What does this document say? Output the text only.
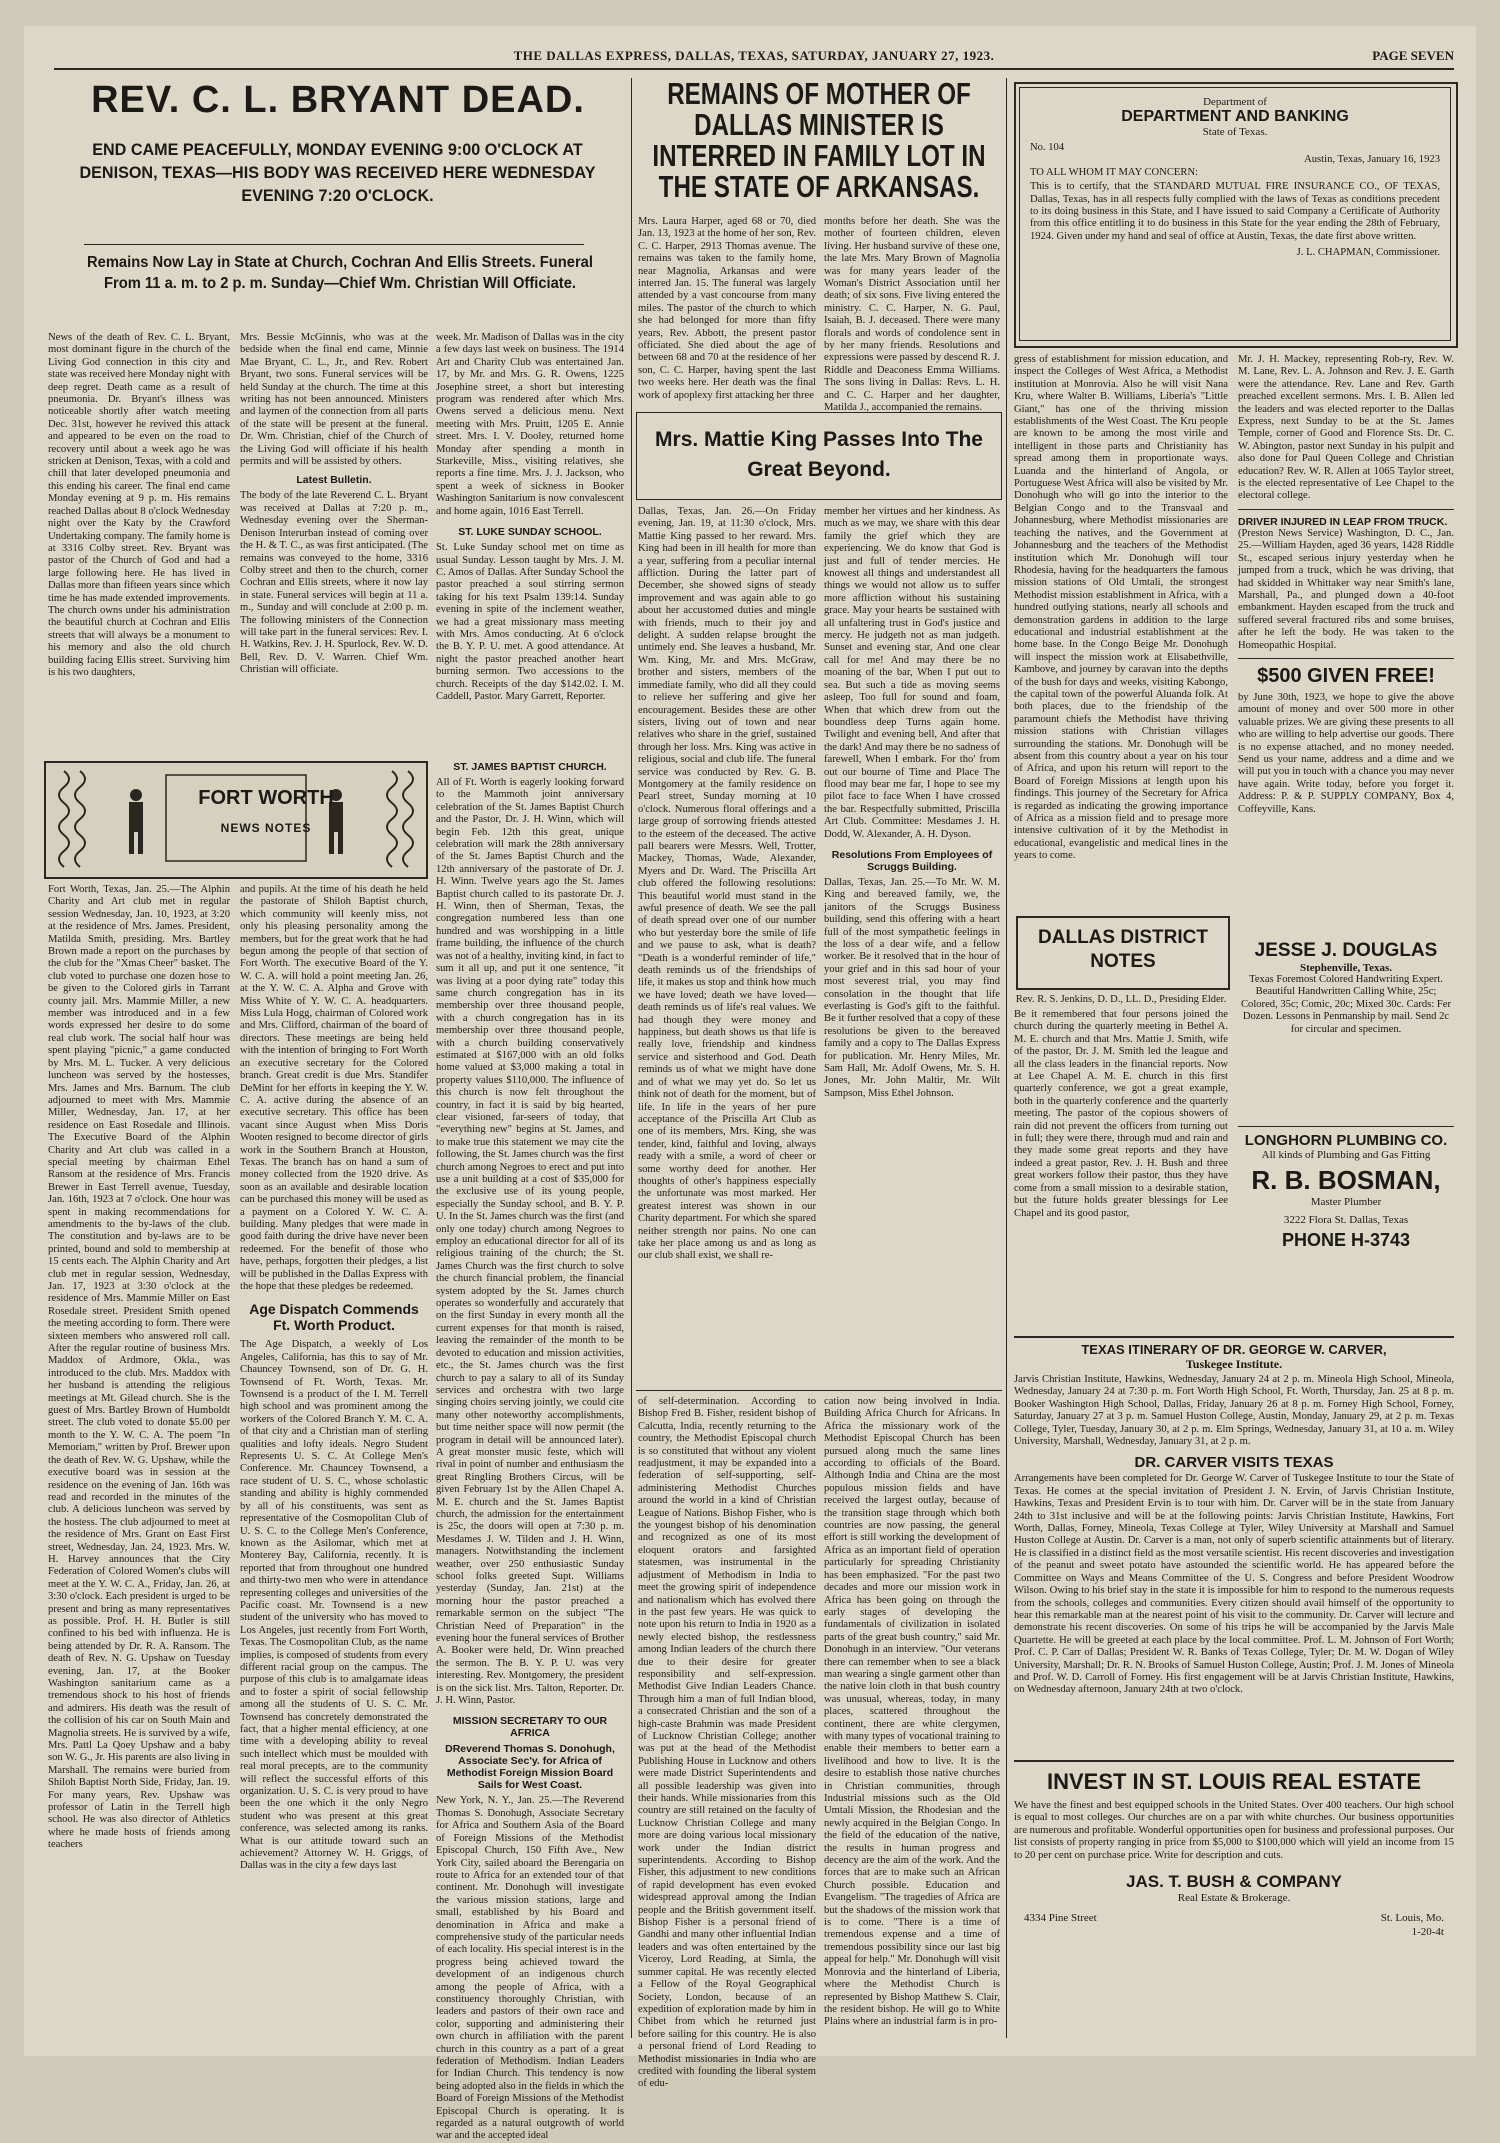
THE DALLAS EXPRESS, DALLAS, TEXAS, SATURDAY, JANUARY 27, 1923.	PAGE SEVEN
REV. C. L. BRYANT DEAD.
END CAME PEACEFULLY, MONDAY EVENING 9:00 O'CLOCK AT DENISON, TEXAS—HIS BODY WAS RECEIVED HERE WEDNESDAY EVENING 7:20 O'CLOCK.
Remains Now Lay in State at Church, Cochran And Ellis Streets. Funeral From 11 a. m. to 2 p. m. Sunday—Chief Wm. Christian Will Officiate.
News of the death of Rev. C. L. Bryant, most dominant figure in the church of the Living God connection in this city and state was received here Monday night with deep regret. Death came as a result of pneumonia. Dr. Bryant's illness was noticeable shortly after watch meeting Dec. 31st, however he revived this attack and appeared to be even on the road to recovery until about a week ago he was stricken at Denison, Texas, with a cold and chill that later developed pneumonia and this ending his career. The final end came Monday evening at 9 p. m. His remains reached Dallas about 8 o'clock Wednesday night over the Katy by the Crawford Undertaking company. The family home is at 3316 Colby street. Rev. Bryant was pastor of the Church of God and had a large following here. He has lived in Dallas more than fifteen years since which time he has made extended improvements. The church owns under his administration the beautiful church at Cochran and Ellis streets that will always be a monument to his memory and also the old church building facing Ellis street. Surviving him is his two daughters,
Mrs. Bessie McGinnis, who was at the bedside when the final end came, Minnie Mae Bryant, C. L., Jr., and Rev. Robert Bryant, two sons. Funeral services will be held Sunday at the church. The time at this writing has not been announced. Ministers and laymen of the connection from all parts of the state will be present at the funeral. Dr. Wm. Christian, chief of the Church of the Living God will officiate if his health permits and will be assisted by others.
Latest Bulletin.
The body of the late Reverend C. L. Bryant was received at Dallas at 7:20 p. m., Wednesday evening over the Sherman-Denison Interurban instead of coming over the H. & T. C., as was first anticipated. (The remains was conveyed to the home, 3316 Colby street and then to the church, corner Cochran and Ellis streets, where it now lay in state. Funeral services will begin at 11 a. m., Sunday and will conclude at 2:00 p. m. The following ministers of the Connection will take part in the funeral services: Rev. I. H. Watkins, Rev. J. H. Spurlock, Rev. W. D. Bell, Rev. D. V. Warren. Chief Wm. Christian will officiate.
week. Mr. Madison of Dallas was in the city a few days last week on business. The 1914 Art and Charity Club was entertained Jan. 17, by Mr. and Mrs. G. R. Owens, 1225 Josephine street, a short but interesting program was rendered after which Mrs. Owens served a delicious menu. Next meeting with Mrs. Pruitt, 1205 E. Annie street. Mrs. I. V. Dooley, returned home Monday after spending a month in Starkeville, Miss., visiting relatives, she reports a fine time. Mrs. J. J. Jackson, who spent a week of sickness in Booker Washington Sanitarium is now convalescent and home again, 1016 East Terrell.
ST. LUKE SUNDAY SCHOOL.
St. Luke Sunday school met on time as usual Sunday. Lesson taught by Mrs. J. M. C. Amos of Dallas. After Sunday School the pastor preached a soul stirring sermon taking for his text Psalm 139:14. Sunday evening in spite of the inclement weather, we had a great missionary mass meeting with Mrs. Amos conducting. At 6 o'clock the B. Y. P. U. met. A good attendance. At night the pastor preached another heart burning sermon. Two accessions to the church. Receipts of the day $142.02. I. M. Caddell, Pastor. Mary Garrett, Reporter.
FORT WORTH
NEWS NOTES
Fort Worth, Texas, Jan. 25.—The Alphin Charity and Art club met in regular session Wednesday, Jan. 10, 1923, at 3:20 at the residence of Mrs. James. President, Matilda Smith, presiding. Mrs. Bartley Brown made a report on the purchases by the club for the "Xmas Cheer" basket. The club voted to purchase one dozen hose to be given to the Colored girls in Tarrant county jail. Mrs. Mammie Miller, a new member was introduced and in a few words expressed her desire to do some real club work. The social half hour was spent playing "picnic," a game conducted by Mrs. M. L. Tucker. A very delicious luncheon was served by the hostesses, Mrs. James and Mrs. Barnum. The club adjourned to meet with Mrs. Mammie Miller, Wednesday, Jan. 17, at her residence on East Rosedale and Illinois. The Executive Board of the Alphin Charity and Art club was called in a special meeting by chairman Ethel Ransom at the residence of Mrs. Francis Brewer in East Terrell avenue, Tuesday, Jan. 16th, 1923 at 7 o'clock. One hour was spent in making recommendations for amendments to the by-laws of the club. The constitution and by-laws are to be printed, bound and sold to membership at 15 cents each. The Alphin Charity and Art club met in regular session, Wednesday, Jan. 17, 1923 at 3:30 o'clock at the residence of Mrs. Mammie Miller on East Rosedale street. President Smith opened the meeting according to form. There were sixteen members who answered roll call. After the regular routine of business Mrs. Maddox of Ardmore, Okla., was introduced to the club. Mrs. Maddox with her husband is attending the religious meetings at Mt. Gilead church. She is the guest of Mrs. Bartley Brown of Humboldt street. The club voted to donate $5.00 per month to the Y. W. C. A. The poem "In Memoriam," written by Prof. Brewer upon the death of Rev. W. G. Upshaw, while the executive board was in session at the residence on the evening of Jan. 16th was read and recorded in the minutes of the club. A delicious luncheon was served by the hostess. The club adjourned to meet at the residence of Mrs. Grant on East First street, Wednesday, Jan. 24, 1923. Mrs. W. H. Harvey announces that the City Federation of Colored Women's clubs will meet at the Y. W. C. A., Friday, Jan. 26, at 3:30 o'clock. Each president is urged to be present and bring as many representatives as possible. Prof. H. H. Butler is still confined to his bed with influenza. He is being attended by Dr. R. A. Ransom. The death of Rev. N. G. Upshaw on Tuesday evening, Jan. 17, at the Booker Washington sanitarium came as a tremendous shock to his host of friends and admirers. His death was the result of the collision of his car on South Main and Magnolia streets. He is survived by a wife, Mrs. Pattl La Qoey Upshaw and a baby son W. G., Jr. His parents are also living in Marshall. The remains were buried from Shiloh Baptist North Side, Friday, Jan. 19. For many years, Rev. Upshaw was professor of Latin in the Terrell high school. He was also director of Athletics where he made hosts of friends among teachers
and pupils. At the time of his death he held the pastorate of Shiloh Baptist church, which community will keenly miss, not only his pleasing personality among the members, but for the great work that he had begun among the people of that section of Fort Worth. The executive Board of the Y. W. C. A. will hold a point meeting Jan. 26, at the Y. W. C. A. Alpha and Grove with Miss White of Y. W. C. A. headquarters. Miss Lula Hogg, chairman of Colored work and Mrs. Clifford, chairman of the board of directors. These meetings are being held with the intention of bringing to Fort Worth an executive secretary for the Colored branch. Great credit is due Mrs. Standifer DeMint for her efforts in keeping the Y. W. C. A. active during the absence of an executive secretary. This office has been vacant since August when Miss Doris Wooten resigned to become director of girls work in the Southern Branch at Houston, Texas. The branch has on hand a sum of money collected from the 1920 drive. As soon as an available and desirable location can be purchased this money will be used as a payment on a Colored Y. W. C. A. building. Many pledges that were made in good faith during the drive have never been redeemed. For the benefit of those who have, perhaps, forgotten their pledges, a list will be published in the Dallas Express with the hope that these pledges be redeemed.
Age Dispatch Commends Ft. Worth Product.
The Age Dispatch, a weekly of Los Angeles, California, has this to say of Mr. Chauncey Townsend, son of Dr. G. H. Townsend of Ft. Worth, Texas. Mr. Townsend is a product of the I. M. Terrell high school and was prominent among the workers of the Colored Branch Y. M. C. A. of that city and a Christian man of sterling qualities and lofty ideals. Negro Student Represents U. S. C. At College Men's Conference. Mr. Chauncey Townsend, a race student of U. S. C., whose scholastic standing and ability is highly commended by all of his constituents, was sent as representative of the Cosmopolitan Club of U. S. C. to the College Men's Conference, known as the Asilomar, which met at Monterey Bay, California, recently. It is reported that from throughout one hundred and thirty-two men who were in attendance representing colleges and universities of the Pacific coast. Mr. Townsend is a new student of the university who has moved to Los Angeles, just recently from Fort Worth, Texas. The Cosmopolitan Club, as the name implies, is composed of students from every different racial group on the campus. The purpose of this club is to amalgamate ideas and to foster a spirit of social fellowship among all the students of U. S. C. Mr. Townsend has concretely demonstrated the fact, that a higher mental efficiency, at one time with a developing ability to reveal such intellect which must be moulded with real moral precepts, are to the community will reflect the successful efforts of this organization. U. S. C. is very proud to have been the one which it the only Negro student who was present at this great conference, was selected among its ranks. What is our attitude toward such an achievement? Attorney W. H. Griggs, of Dallas was in the city a few days last
ST. JAMES BAPTIST CHURCH.
All of Ft. Worth is eagerly looking forward to the Mammoth joint anniversary celebration of the St. James Baptist Church and the Pastor, Dr. J. H. Winn, which will begin Feb. 12th this great, unique celebration will mark the 28th anniversary of the St. James Baptist Church and the 12th anniversary of the pastorate of Dr. J. H. Winn. Twelve years ago the St. James Baptist church called to its pastorate Dr. J. H. Winn, then of Sherman, Texas, the congregation numbered less than one hundred and was worshipping in a little frame building, the influence of the church was not of a healthy, inviting kind, in fact to sum it all up, and put it one sentence, "it was living at a poor dying rate" today this same church congregation has in its membership over three thousand people, with a church congregation has in its membership over three thousand people, with a church building conservatively estimated at $167,000 with an old folks home valued at $3,000 making a total in property values $110,000. The influence of this church is now felt throughout the country, in fact it is said by big hearted, clear visioned, far-seers of today, that "everything new" begins at St. James, and to make true this statement we may cite the following, the St. James church was the first church among Negroes to erect and put into use a unit building at a cost of $35,000 for the exclusive use of its young people, especially the Sunday school, and B. Y. P. U. In the St. James church was the first (and only one today) church among Negroes to employ an educational director for all of its religious training of the church; the St. James Church was the first church to solve the church financial problem, the financial system adopted by the St. James church operates so wonderfully and accurately that on the first Sunday in every month all the current expenses for that month is raised, leaving the remainder of the month to be devoted to education and mission activities, etc., the St. James church was the first church to pay a salary to all of its Sunday services and orchestra with two large singing choirs serving jointly, we could cite many other noteworthy accomplishments, but time neither space will now permit (the program in detail will be announced later). A great monster music feste, which will rival in point of number and enthusiasm the great Ringling Brothers Circus, will be given February 1st by the Allen Chapel A. M. E. church and the St. James Baptist church, the admission for the entertainment is 25c, the doors will open at 7:30 p. m. Mesdames J. W. Tilden and J. H. Winn, managers. Notwithstanding the inclement weather, over 250 enthusiastic Sunday school folks greeted Supt. Williams yesterday (Sunday, Jan. 21st) at the morning hour the pastor preached a remarkable sermon on the subject "The Christian Need of Preparation" in the evening hour the funeral services of Brother A. Booker were held, Dr. Winn preached the sermon. The B. Y. P. U. was very interesting. Rev. Montgomery, the president is on the sick list. Mrs. Talton, Reporter. Dr. J. H. Winn, Pastor.
MISSION SECRETARY TO OUR AFRICA
DReverend Thomas S. Donohugh, Associate Sec'y. for Africa of Methodist Foreign Mission Board Sails for West Coast.
New York, N. Y., Jan. 25.—The Reverend Thomas S. Donohugh, Associate Secretary for Africa and Southern Asia of the Board of Foreign Missions of the Methodist Episcopal Church, 150 Fifth Ave., New York City, sailed aboard the Berengaria on route to Africa for an extended tour of that continent. Mr. Donohugh will investigate the various mission stations, large and small, established by his Board and denomination in Africa and make a comprehensive study of the particular needs of each locality. His special interest is in the progress being achieved toward the development of an indigenous church among the people of Africa, with a constituency thoroughly Christian, with leaders and pastors of their own race and color, supporting and administering their own church in affiliation with the parent church in this country as a part of a great federation of Methodism. Indian Leaders for Indian Church. This tendency is now being adopted also in the fields in which the Board of Foreign Missions of the Methodist Episcopal Church is operating. It is regarded as a natural outgrowth of world war and the accepted ideal
REMAINS OF MOTHER OF DALLAS MINISTER IS INTERRED IN FAMILY LOT IN THE STATE OF ARKANSAS.
Mrs. Laura Harper, aged 68 or 70, died Jan. 13, 1923 at the home of her son, Rev. C. C. Harper, 2913 Thomas avenue. The remains was taken to the family home, near Magnolia, Arkansas and were interred Jan. 15. The funeral was largely attended by a vast concourse from many miles. The pastor of the church to which she had belonged for more than fifty years, Rev. Abbott, the present pastor officiated. She died about the age of between 68 and 70 at the residence of her son, C. C. Harper, having spent the last two weeks here. Her death was the final work of apoplexy first attacking her three
months before her death. She was the mother of fourteen children, eleven living. Her husband survive of these one, the late Mrs. Mary Brown of Magnolia was for many years leader of the Woman's District Association until her death; of six sons. Five living entered the ministry. C. C. Harper, N. G. Paul, Isaiah, B. J. deceased. There were many florals and words of condolence sent in by her many friends. Resolutions and expressions were passed by descend R. J. Riddle and Deaconess Emma Williams. The sons living in Dallas: Revs. L. H. and C. C. Harper and her daughter, Matilda J., accompanied the remains.
Mrs. Mattie King Passes Into The Great Beyond.
Dallas, Texas, Jan. 26.—On Friday evening, Jan. 19, at 11:30 o'clock, Mrs. Mattie King passed to her reward. Mrs. King had been in ill health for more than a year, suffering from a peculiar internal affliction. During the latter part of December, she showed signs of steady improvement and was again able to go about her accustomed duties and mingle with friends, much to their joy and delight. A sudden relapse brought the untimely end. She leaves a husband, Mr. Wm. King, Mr. and Mrs. McGraw, brother and sisters, members of the immediate family, who did all they could to relieve her suffering and give her encouragement. Besides these are other sisters, living out of town and near relatives who share in the grief, sustained through her loss. Mrs. King was active in religious, social and club life. The funeral service was conducted by Rev. G. B. Montgomery at the family residence on Pearl street, Sunday morning at 10 o'clock. Numerous floral offerings and a large group of sorrowing friends attested to the esteem of the deceased. The active pall bearers were Messrs. Well, Trotter, Mackey, Thomas, Wade, Alexander, Myers and Dr. Ward. The Priscilla Art club offered the following resolutions: This beautiful world must stand in the awful presence of death. We see the pall of death spread over one of our number who but yesterday bore the smile of life and we pause to ask, what is death? "Death is a wonderful reminder of life," death reminds us of the friendships of life, it makes us stop and think how much we have loved; death we have loved—death reminds us of life's real values. We had though they were money and happiness, but death shows us that life is really love, friendship and kindness service and sisterhood and God. Death reminds us of what we might have done and of what we may yet do. So let us think not of death for the moment, but of life. In life in the years of her pure acceptance of the Priscilla Art Club as one of its members, Mrs. King, she was tender, kind, faithful and loving, always ready with a smile, a word of cheer or some worthy deed for another. Her thoughts of other's happiness especially the unfortunate was most marked. Her greatest interest was shown in our Charity department. For which she spared neither strength nor pains. No one can take her place among us and as long as our club shall exist, we shall re-
member her virtues and her kindness. As much as we may, we share with this dear family the grief which they are experiencing. We do know that God is just and full of tender mercies. He knowest all things and understandest all things we would not allow us to suffer more affliction without his sustaining grace. May your hearts be sustained with all unfaltering trust in God's justice and mercy. He judgeth not as man judgeth. Sunset and evening star, And one clear call for me! And may there be no moaning of the bar, When I put out to sea. But such a tide as moving seems asleep, Too full for sound and foam, When that which drew from out the boundless deep Turns again home. Twilight and evening bell, And after that the dark! And may there be no sadness of farewell, When I embark. For tho' from out our bourne of Time and Place The flood may bear me far, I hope to see my pilot face to face When I have crossed the bar. Respectfully submitted, Priscilla Art Club. Committee: Mesdames J. H. Dodd, W. Alexander, A. H. Dyson.
Resolutions From Employees of Scruggs Building.
Dallas, Texas, Jan. 25.—To Mr. W. M. King and bereaved family, we, the janitors of the Scruggs Business building, send this offering with a heart full of the most sympathetic feelings in the loss of a dear wife, and a fellow worker. Be it resolved that in the hour of your grief and in this sad hour of your most severest trial, you may find consolation in the thought that life everlasting is God's gift to the faithful. Be it further resolved that a copy of these resolutions be given to the bereaved family and a copy to The Dallas Express for publication. Mr. Henry Miles, Mr. Sam Hall, Mr. Adolf Owens, Mr. S. H. Jones, Mr. John Maltir, Mr. Wilt Sampson, Miss Ethel Johnson.
of self-determination. According to Bishop Fred B. Fisher, resident bishop of Calcutta, India, recently returning to the country, the Methodist Episcopal church is so constituted that without any violent readjustment, it may be expanded into a federation of self-supporting, self-administering Methodist Churches around the world in a kind of Christian League of Nations. Bishop Fisher, who is the youngest bishop of his denomination and recognized as one of its most eloquent orators and farsighted statesmen, was instrumental in the adjustment of Methodism in India to meet the growing spirit of independence and nationalism which has evolved there in the past few years. He was quick to note upon his return to India in 1920 as a newly elected bishop, the restlessness among Indian leaders of the church there due to their desire for greater responsibility and self-expression. Methodist Give Indian Leaders Chance. Through him a man of full Indian blood, a consecrated Christian and the son of a high-caste Brahmin was made President of Lucknow Christian College; another was put at the head of the Methodist Publishing House in Lucknow and others were made District Superintendents and all possible leadership was given into their hands. While missionaries from this country are still retained on the faculty of Lucknow Christian College and many more are doing various local missionary work under the Indian district superintendents. According to Bishop Fisher, this adjustment to new conditions of rapid development has even evoked widespread approval among the Indian people and the British government itself. Bishop Fisher is a personal friend of Gandhi and many other influential Indian leaders and was often entertained by the Viceroy, Lord Reading, at Simla, the summer capital. He was recently elected a Fellow of the Royal Geographical Society, London, because of an expedition of exploration made by him in Chibet from which he returned just before sailing for this country. He is also a personal friend of Lord Reading to Methodist missionaries in India who are credited with founding the liberal system of edu-
cation now being involved in India. Building Africa Church for Africans. In Africa the missionary work of the Methodist Episcopal Church has been pursued along much the same lines according to officials of the Board. Although India and China are the most populous mission fields and have received the largest outlay, because of the transition stage through which both countries are now passing, the general effort is still working the development of Africa as an important field of operation particularly for spreading Christianity has been emphasized. "For the past two decades and more our mission work in Africa has been going on through the early stages of developing the fundamentals of civilization in isolated parts of the great bush country," said Mr. Donohugh in an interview. "Our veterans there can remember when to see a black man wearing a single garment other than the native loin cloth in that bush country was unusual, whereas, today, in many places, scattered throughout the continent, there are white clergymen, with many types of vocational training to enable their members to better earn a livelihood and how to live. It is the desire to establish those native churches in Christian communities, through Industrial missions such as the Old Umtali Mission, the Rhodesian and the newly acquired in the Belgian Congo. In the field of the education of the native, the results in human progress and decency are the aim of the work. And the forces that are to make such an African Church possible. Education and Evangelism. "The tragedies of Africa are but the shadows of the mission work that is to come. "There is a time of tremendous expense and a time of tremendous possibility since our last big appeal for help." Mr. Donohugh will visit Monrovia and the hinterland of Liberia, where the Methodist Church is represented by Bishop Matthew S. Clair, the resident bishop. He will go to White Plains where an industrial farm is in pro-
Department of
DEPARTMENT AND BANKING
State of Texas.
No. 104
Austin, Texas, January 16, 1923
TO ALL WHOM IT MAY CONCERN:
This is to certify, that the STANDARD MUTUAL FIRE INSURANCE CO., OF TEXAS, Dallas, Texas, has in all respects fully complied with the laws of Texas as conditions precedent to its doing business in this State, and I have issued to said Company a Certificate of Authority from this office entitling it to do business in this State for the year ending the 28th of February, 1924. Given under my hand and seal of office at Austin, Texas, the date first above written.
J. L. CHAPMAN, Commissioner.
gress of establishment for mission education, and inspect the Colleges of West Africa, a Methodist institution at Monrovia. Also he will visit Nana Kru, where Walter B. Williams, Liberia's "Little Giant," has one of the thriving mission establishments of the West Coast. The Kru people are known to be among the most virile and intelligent in those parts and Christianity has spread among them in proportionate ways. Luanda and the hinterland of Angola, or Portuguese West Africa will also be visited by Mr. Donohugh who will go into the interior to the Belgian Congo and to the Transvaal and Johannesburg, where Methodist missionaries are teaching the natives, and the Government at Johannesburg and the teachers of the Methodist institution which Mr. Donohugh will tour Rhodesia, having for the headquarters the famous mission stations of Old Umtali, the strongest Methodist mission establishment in Africa, with a hundred outlying stations, nearly all schools and demonstration gardens in addition to the large educational and industrial establishment at the home base. In the Congo Beige Mr. Donohugh will inspect the mission work at Elisabethville, Kambove, and journey by caravan into the depths of the bush for days and weeks, visiting Kabongo, the capital town of the powerful Aluanda folk. At both places, due to the friendship of the paramount chiefs the Methodist have thriving mission stations with Christian villages surrounding the stations. Mr. Donohugh will be absent from this country about a year on his tour of Africa, and upon his return will report to the Board of Foreign Missions at length upon his findings. This journey of the Secretary for Africa is regarded as indicating the growing importance of Africa as a mission field and to presage more intensive cultivation of it by the Methodist in educational, evangelistic and medical lines in the years to come.
Mr. J. H. Mackey, representing Rob-ry, Rev. W. M. Lane, Rev. L. A. Johnson and Rev. J. E. Garth were the attendance. Rev. Lane and Rev. Garth preached excellent sermons. Mrs. I. B. Allen led the leaders and was elected reporter to the Dallas Express, next Sunday to be at the St. James Temple, corner of Good and Florence Sts. Dr. C. W. Abington, pastor next Sunday in his pulpit and also done for Paul Queen College and Christian education? Rev. W. R. Allen at 1065 Taylor street, is the elected representative of Lee Chapel to the electoral college.
DRIVER INJURED IN LEAP FROM TRUCK.
(Preston News Service) Washington, D. C., Jan. 25.—William Hayden, aged 36 years, 1428 Riddle St., escaped serious injury yesterday when he jumped from a truck, which he was driving, that had skidded in Whittaker way near Smith's lane, Marshall, Pa., and plunged down a 40-foot embankment. Hayden escaped from the truck and suffered several fractured ribs and some bruises, after he left the body. He was taken to the Homeopathic Hospital.
$500 GIVEN FREE!
by June 30th, 1923, we hope to give the above amount of money and over 500 more in other valuable prizes. We are giving these presents to all who are willing to help advertise our goods. There is no expense attached, and no money needed. Send us your name, address and a dime and we will put you in touch with a chance you may never have again. Write today, before you forget it. Address: P. & P. SUPPLY COMPANY, Box 4, Coffeyville, Kans.
DALLAS DISTRICT
NOTES
Rev. R. S. Jenkins, D. D., LL. D., Presiding Elder.
Be it remembered that four persons joined the church during the quarterly meeting in Bethel A. M. E. church and that Mrs. Mattie J. Smith, wife of the pastor, Dr. J. M. Smith led the league and all the class leaders in the financial reports. Now at Lee Chapel A. M. E. church in this first quarterly conference, we got a great example, both in the quarterly conference and the quarterly meeting. The pastor of the copious showers of rain did not prevent the officers from turning out in full; they were there, through mud and rain and they made some great reports and they have indeed a great pastor, Rev. J. H. Bush and three great workers follow their pastor, thus they have come from a small mission to a desirable station, but the future holds greater blessings for Lee Chapel and its good pastor,
JESSE J. DOUGLAS
Stephenville, Texas.
Texas Foremost Colored Handwriting Expert. Beautiful Handwritten Calling White, 25c; Colored, 35c; Comic, 20c; Mixed 30c. Cards: Fer Dozen. Lessons in Penmanship by mail. Send 2c for circular and specimen.
LONGHORN PLUMBING CO.
All kinds of Plumbing and Gas Fitting
R. B. BOSMAN,
Master Plumber
3222 Flora St. Dallas, Texas
PHONE H-3743
TEXAS ITINERARY OF DR. GEORGE W. CARVER,
Tuskegee Institute.
Jarvis Christian Institute, Hawkins, Wednesday, January 24 at 2 p. m. Mineola High School, Mineola, Wednesday, January 24 at 7:30 p. m. Fort Worth High School, Ft. Worth, Thursday, Jan. 25 at 8 p. m. Booker Washington High School, Dallas, Friday, January 26 at 8 p. m. Forney High School, Forney, Saturday, January 27 at 3 p. m. Samuel Huston College, Austin, Monday, January 29, at 2 p. m. Texas College, Tyler, Tuesday, January 30, at 2 p. m. Elm Springs, Wednesday, January 31, at 10 a. m. Wiley University, Marshall, Wednesday, January 31, at 2 p. m.
DR. CARVER VISITS TEXAS
Arrangements have been completed for Dr. George W. Carver of Tuskegee Institute to tour the State of Texas. He comes at the special invitation of President J. N. Ervin, of Jarvis Christian Institute, Hawkins, Texas and President Ervin is to tour with him. Dr. Carver will be in the state from January 24th to 31st inclusive and will be at the following points: Jarvis Christian Institute, Hawkins, Fort Worth, Dallas, Forney, Mineola, Texas College at Tyler, Wiley University at Marshall and Samuel Huston College at Austin. Dr. Carver is a man, not only of superb scientific attainments but of literary. He is classified in a distinct field as the most versatile scientist. His recent discoveries and investigation of the peanut and sweet potato have astounded the scientific world. He has appeared before the Committee on Ways and Means Committee of the U. S. Congress and before President Woodrow Wilson. Owing to his brief stay in the state it is impossible for him to respond to the numerous requests from the schools, colleges and communities. Every citizen should avail himself of the opportunity to hear this remarkable man at the nearest point of his visit to the community. Dr. Carver will lecture and demonstrate his recent discoveries. On some of his trips he will be accompanied by the Jarvis Male Quartette. He will be greeted at each place by the local committee. Prof. L. M. Johnson of Fort Worth; Prof. C. P. Carr of Dallas; President W. R. Banks of Texas College, Tyler; Dr. M. W. Dogan of Wiley University, Marshall; Dr. R. N. Brooks of Samuel Huston College, Austin; Prof. J. M. Jones of Mineola and Prof. W. D. Carroll of Forney. His first engagement will be at Jarvis Christian Institute, Hawkins, on Wednesday afternoon, January 24th at two o'clock.
INVEST IN ST. LOUIS REAL ESTATE
We have the finest and best equipped schools in the United States. Over 400 teachers. Our high school is equal to most colleges. Our churches are on a par with white churches. Our business opportunities are numerous and profitable. Wonderful opportunities open for business and professional purposes. Our list consists of property ranging in price from $5,000 to $100,000 which will yield an income from 15 to 20 per cent on purchase price. Write for description and cuts.
JAS. T. BUSH & COMPANY
Real Estate & Brokerage.
4334 Pine Street	St. Louis, Mo.
1-20-4t
